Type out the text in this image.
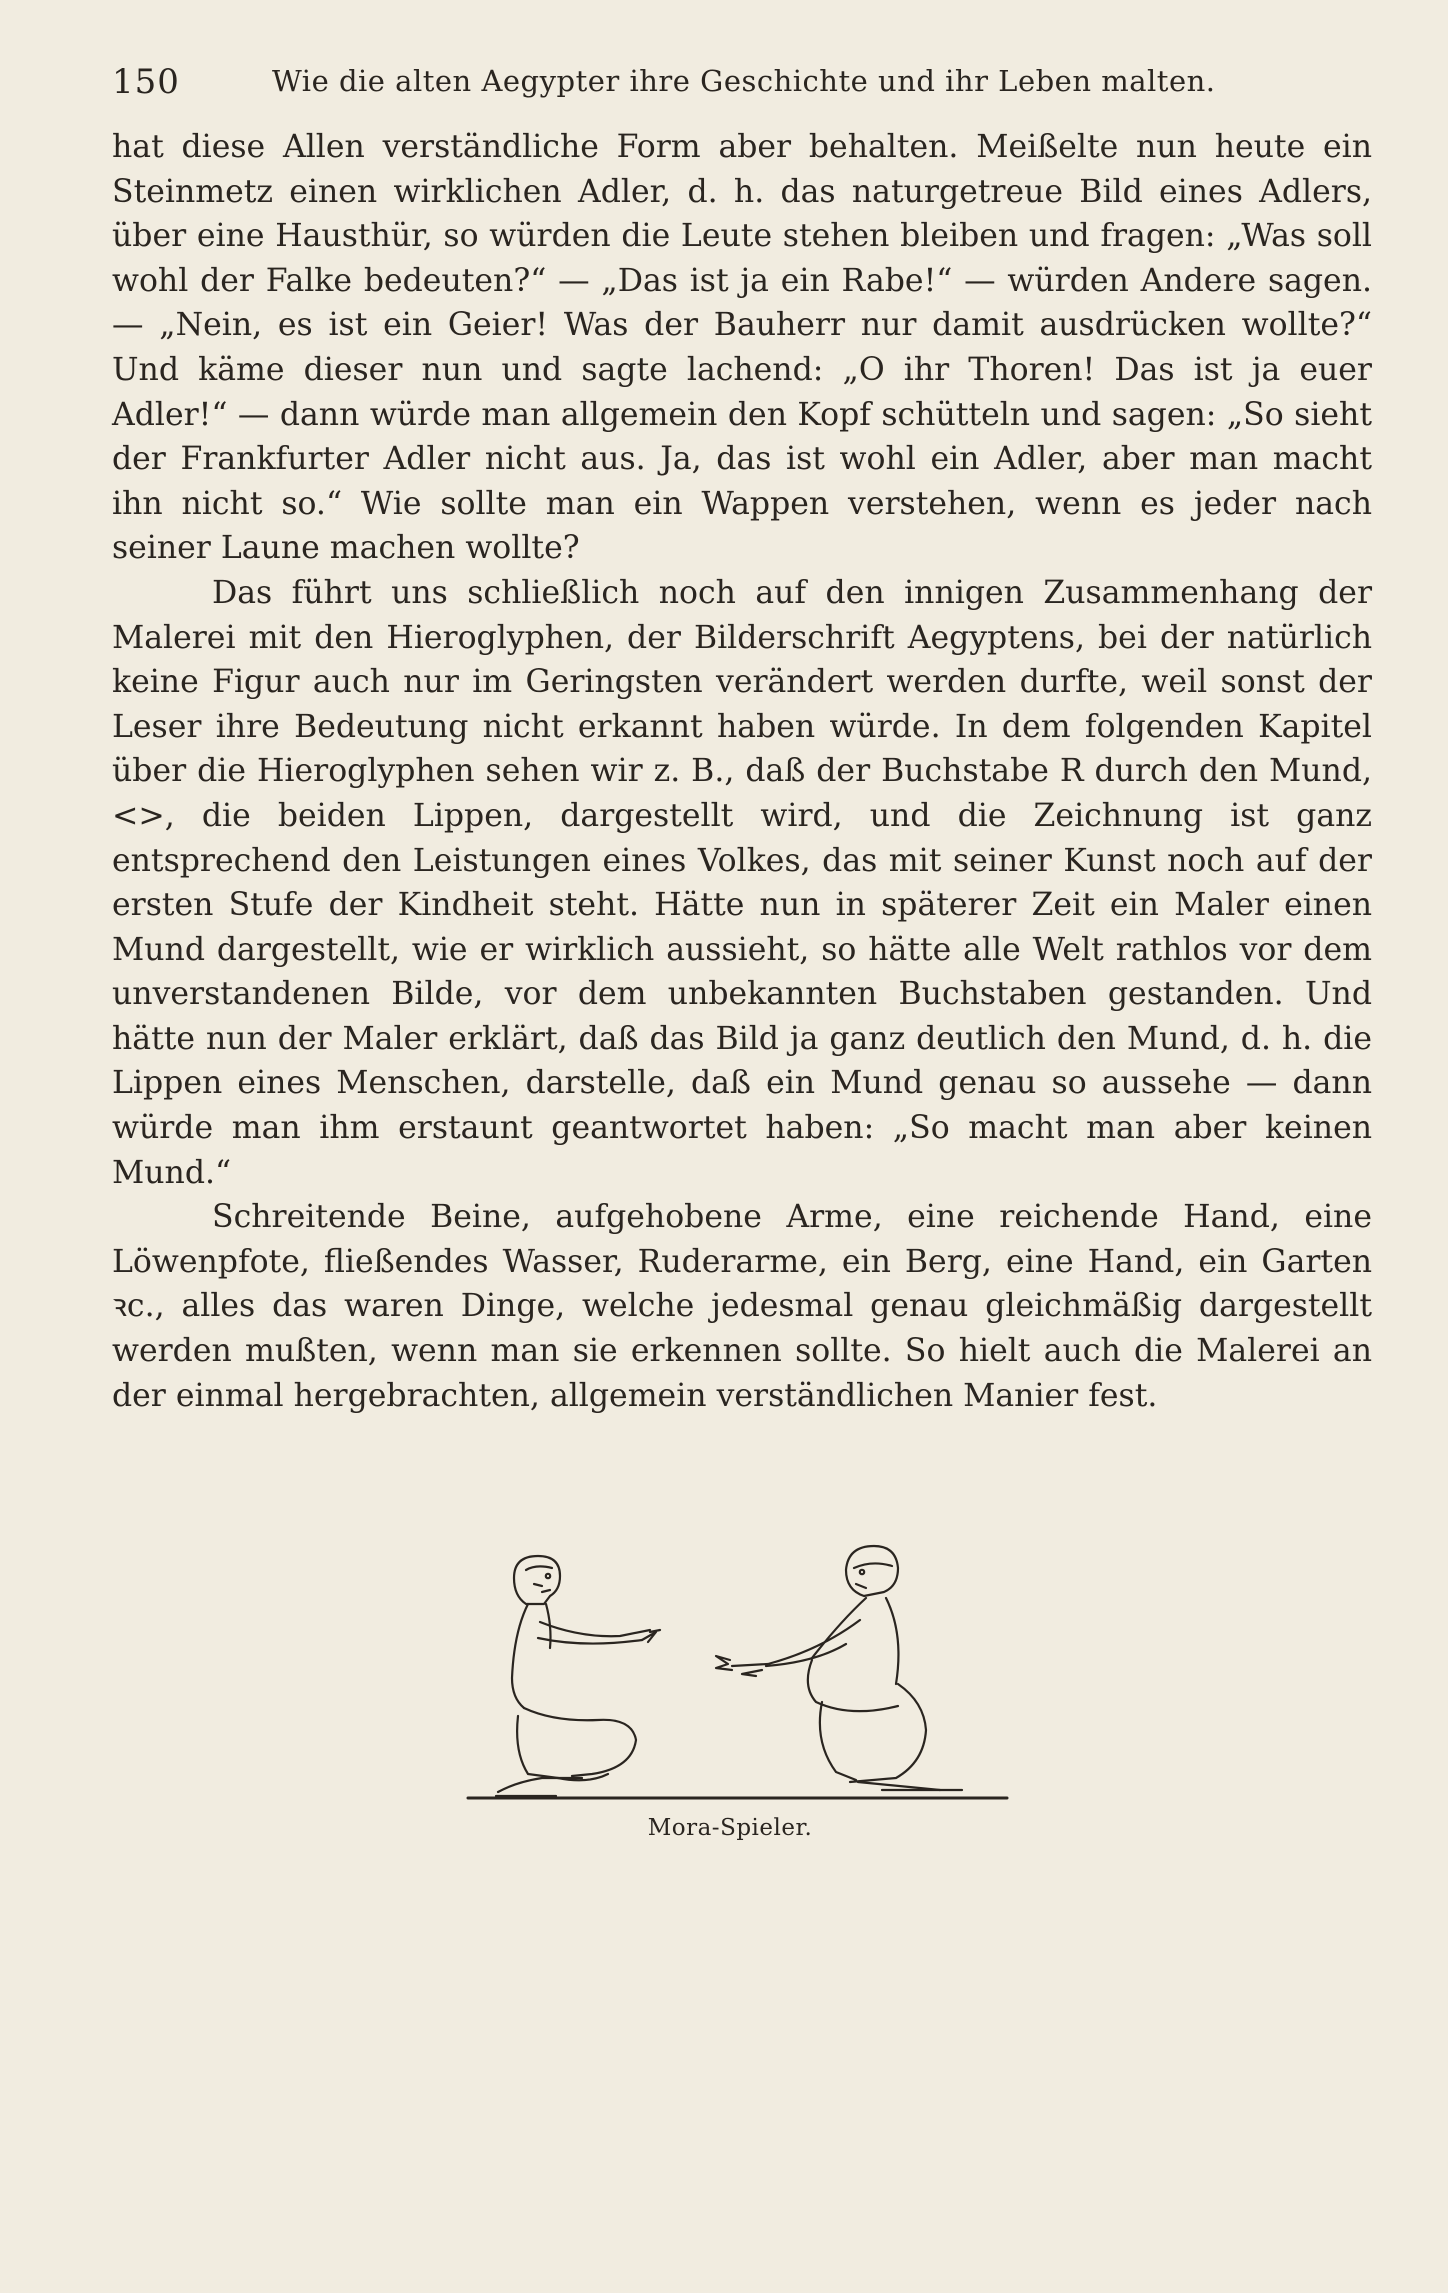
150	Wie die alten Aegypter ihre Geschichte und ihr Leben malten.

hat diese Allen verständliche Form aber behalten. Meißelte nun heute ein Steinmetz einen wirklichen Adler, d. h. das naturgetreue Bild eines Adlers, über eine Hausthür, so würden die Leute stehen bleiben und fragen: „Was soll wohl der Falke bedeuten?“ — „Das ist ja ein Rabe!“ — würden Andere sagen. — „Nein, es ist ein Geier! Was der Bauherr nur damit ausdrücken wollte?“ Und käme dieser nun und sagte lachend: „O ihr Thoren! Das ist ja euer Adler!“ — dann würde man allgemein den Kopf schütteln und sagen: „So sieht der Frankfurter Adler nicht aus. Ja, das ist wohl ein Adler, aber man macht ihn nicht so.“ Wie sollte man ein Wappen verstehen, wenn es jeder nach seiner Laune machen wollte?

Das führt uns schließlich noch auf den innigen Zusammenhang der Malerei mit den Hieroglyphen, der Bilderschrift Aegyptens, bei der natürlich keine Figur auch nur im Geringsten verändert werden durfte, weil sonst der Leser ihre Bedeutung nicht erkannt haben würde. In dem folgenden Kapitel über die Hieroglyphen sehen wir z. B., daß der Buchstabe R durch den Mund, <>, die beiden Lippen, dargestellt wird, und die Zeichnung ist ganz entsprechend den Leistungen eines Volkes, das mit seiner Kunst noch auf der ersten Stufe der Kindheit steht. Hätte nun in späterer Zeit ein Maler einen Mund dargestellt, wie er wirklich aussieht, so hätte alle Welt rathlos vor dem unverstandenen Bilde, vor dem unbekannten Buchstaben gestanden. Und hätte nun der Maler erklärt, daß das Bild ja ganz deutlich den Mund, d. h. die Lippen eines Menschen, darstelle, daß ein Mund genau so aussehe — dann würde man ihm erstaunt geantwortet haben: „So macht man aber keinen Mund.“

Schreitende Beine, aufgehobene Arme, eine reichende Hand, eine Löwenpfote, fließendes Wasser, Ruderarme, ein Berg, eine Hand, ein Garten ꝛc., alles das waren Dinge, welche jedesmal genau gleichmäßig dargestellt werden mußten, wenn man sie erkennen sollte. So hielt auch die Malerei an der einmal hergebrachten, allgemein verständlichen Manier fest.

Mora-Spieler.
